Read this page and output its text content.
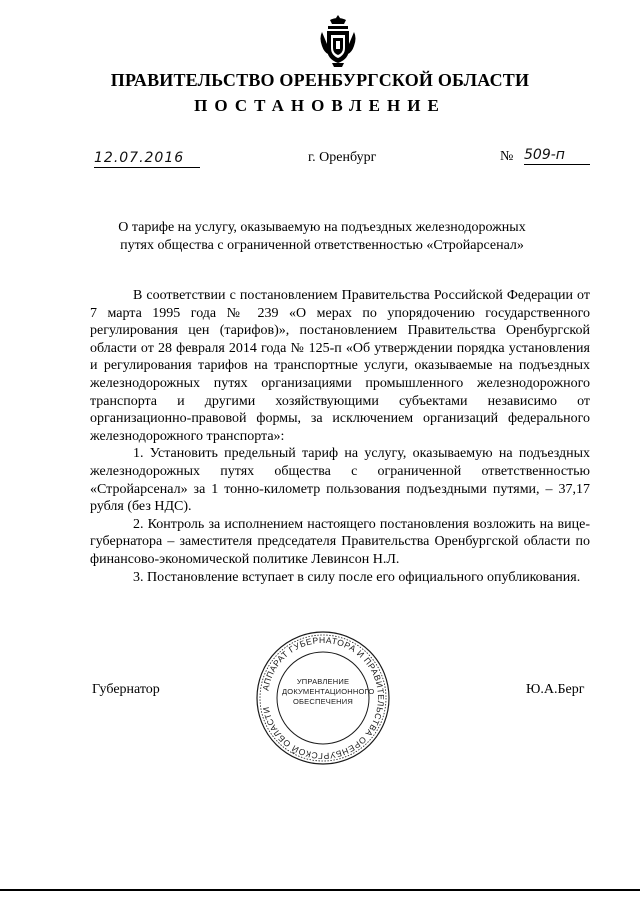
ПРАВИТЕЛЬСТВО ОРЕНБУРГСКОЙ ОБЛАСТИ
ПОСТАНОВЛЕНИЕ
12.07.2016	г. Оренбург	№ 509-п
О тарифе на услугу, оказываемую на подъездных железнодорожных
путях общества с ограниченной ответственностью «Стройарсенал»

В соответствии с постановлением Правительства Российской Федерации от 7 марта 1995 года № 239 «О мерах по упорядочению государственного регулирования цен (тарифов)», постановлением Правительства Оренбургской области от 28 февраля 2014 года № 125-п «Об утверждении порядка установления и регулирования тарифов на транспортные услуги, оказываемые на подъездных железнодорожных путях организациями промышленного железнодорожного транспорта и другими хозяйствующими субъектами независимо от организационно-правовой формы, за исключением организаций федерального железнодорожного транспорта»:

1. Установить предельный тариф на услугу, оказываемую на подъездных железнодорожных путях общества с ограниченной ответственностью «Стройарсенал» за 1 тонно-километр пользования подъездными путями, – 37,17 рубля (без НДС).

2. Контроль за исполнением настоящего постановления возложить на вице-губернатора – заместителя председателя Правительства Оренбургской области по финансово-экономической политике Левинсон Н.Л.

3. Постановление вступает в силу после его официального опубликования.

АППАРАТ ГУБЕРНАТОРА И ПРАВИТЕЛЬСТВА ОРЕНБУРГСКОЙ ОБЛАСТИ
УПРАВЛЕНИЕ
ДОКУМЕНТАЦИОННОГО
ОБЕСПЕЧЕНИЯ
Губернатор	Ю.А.Берг
